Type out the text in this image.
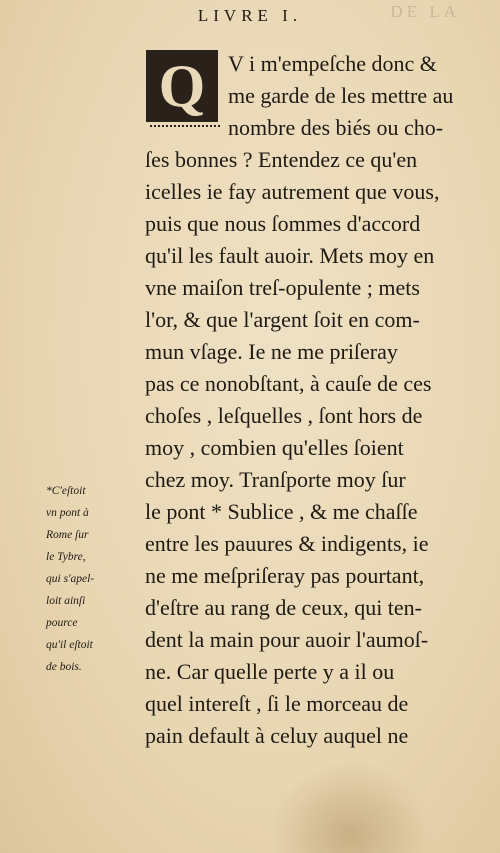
DE LA
LIVRE I.
Q	V i m'empeſche donc &
me garde de les mettre au
nombre des biés ou cho-
ſes bonnes ? Entendez ce qu'en
icelles ie fay autrement que vous,
puis que nous ſommes d'accord
qu'il les fault auoir. Mets moy en
vne maiſon treſ-opulente ; mets
l'or, & que l'argent ſoit en com-
mun vſage. Ie ne me priſeray
pas ce nonobſtant, à cauſe de ces
choſes , leſquelles , ſont hors de
moy , combien qu'elles ſoient
chez moy. Tranſporte moy ſur
le pont * Sublice , & me chaſſe
entre les pauures & indigents, ie
ne me meſpriſeray pas pourtant,
d'eſtre au rang de ceux, qui ten-
dent la main pour auoir l'aumoſ-
ne. Car quelle perte y a il ou
quel intereſt , ſi le morceau de
pain default à celuy auquel ne
*C'eſtoit
vn pont à
Rome ſur
le Tybre,
qui s'apel-
loit ainſi
pource
qu'il eſtoit
de bois.
